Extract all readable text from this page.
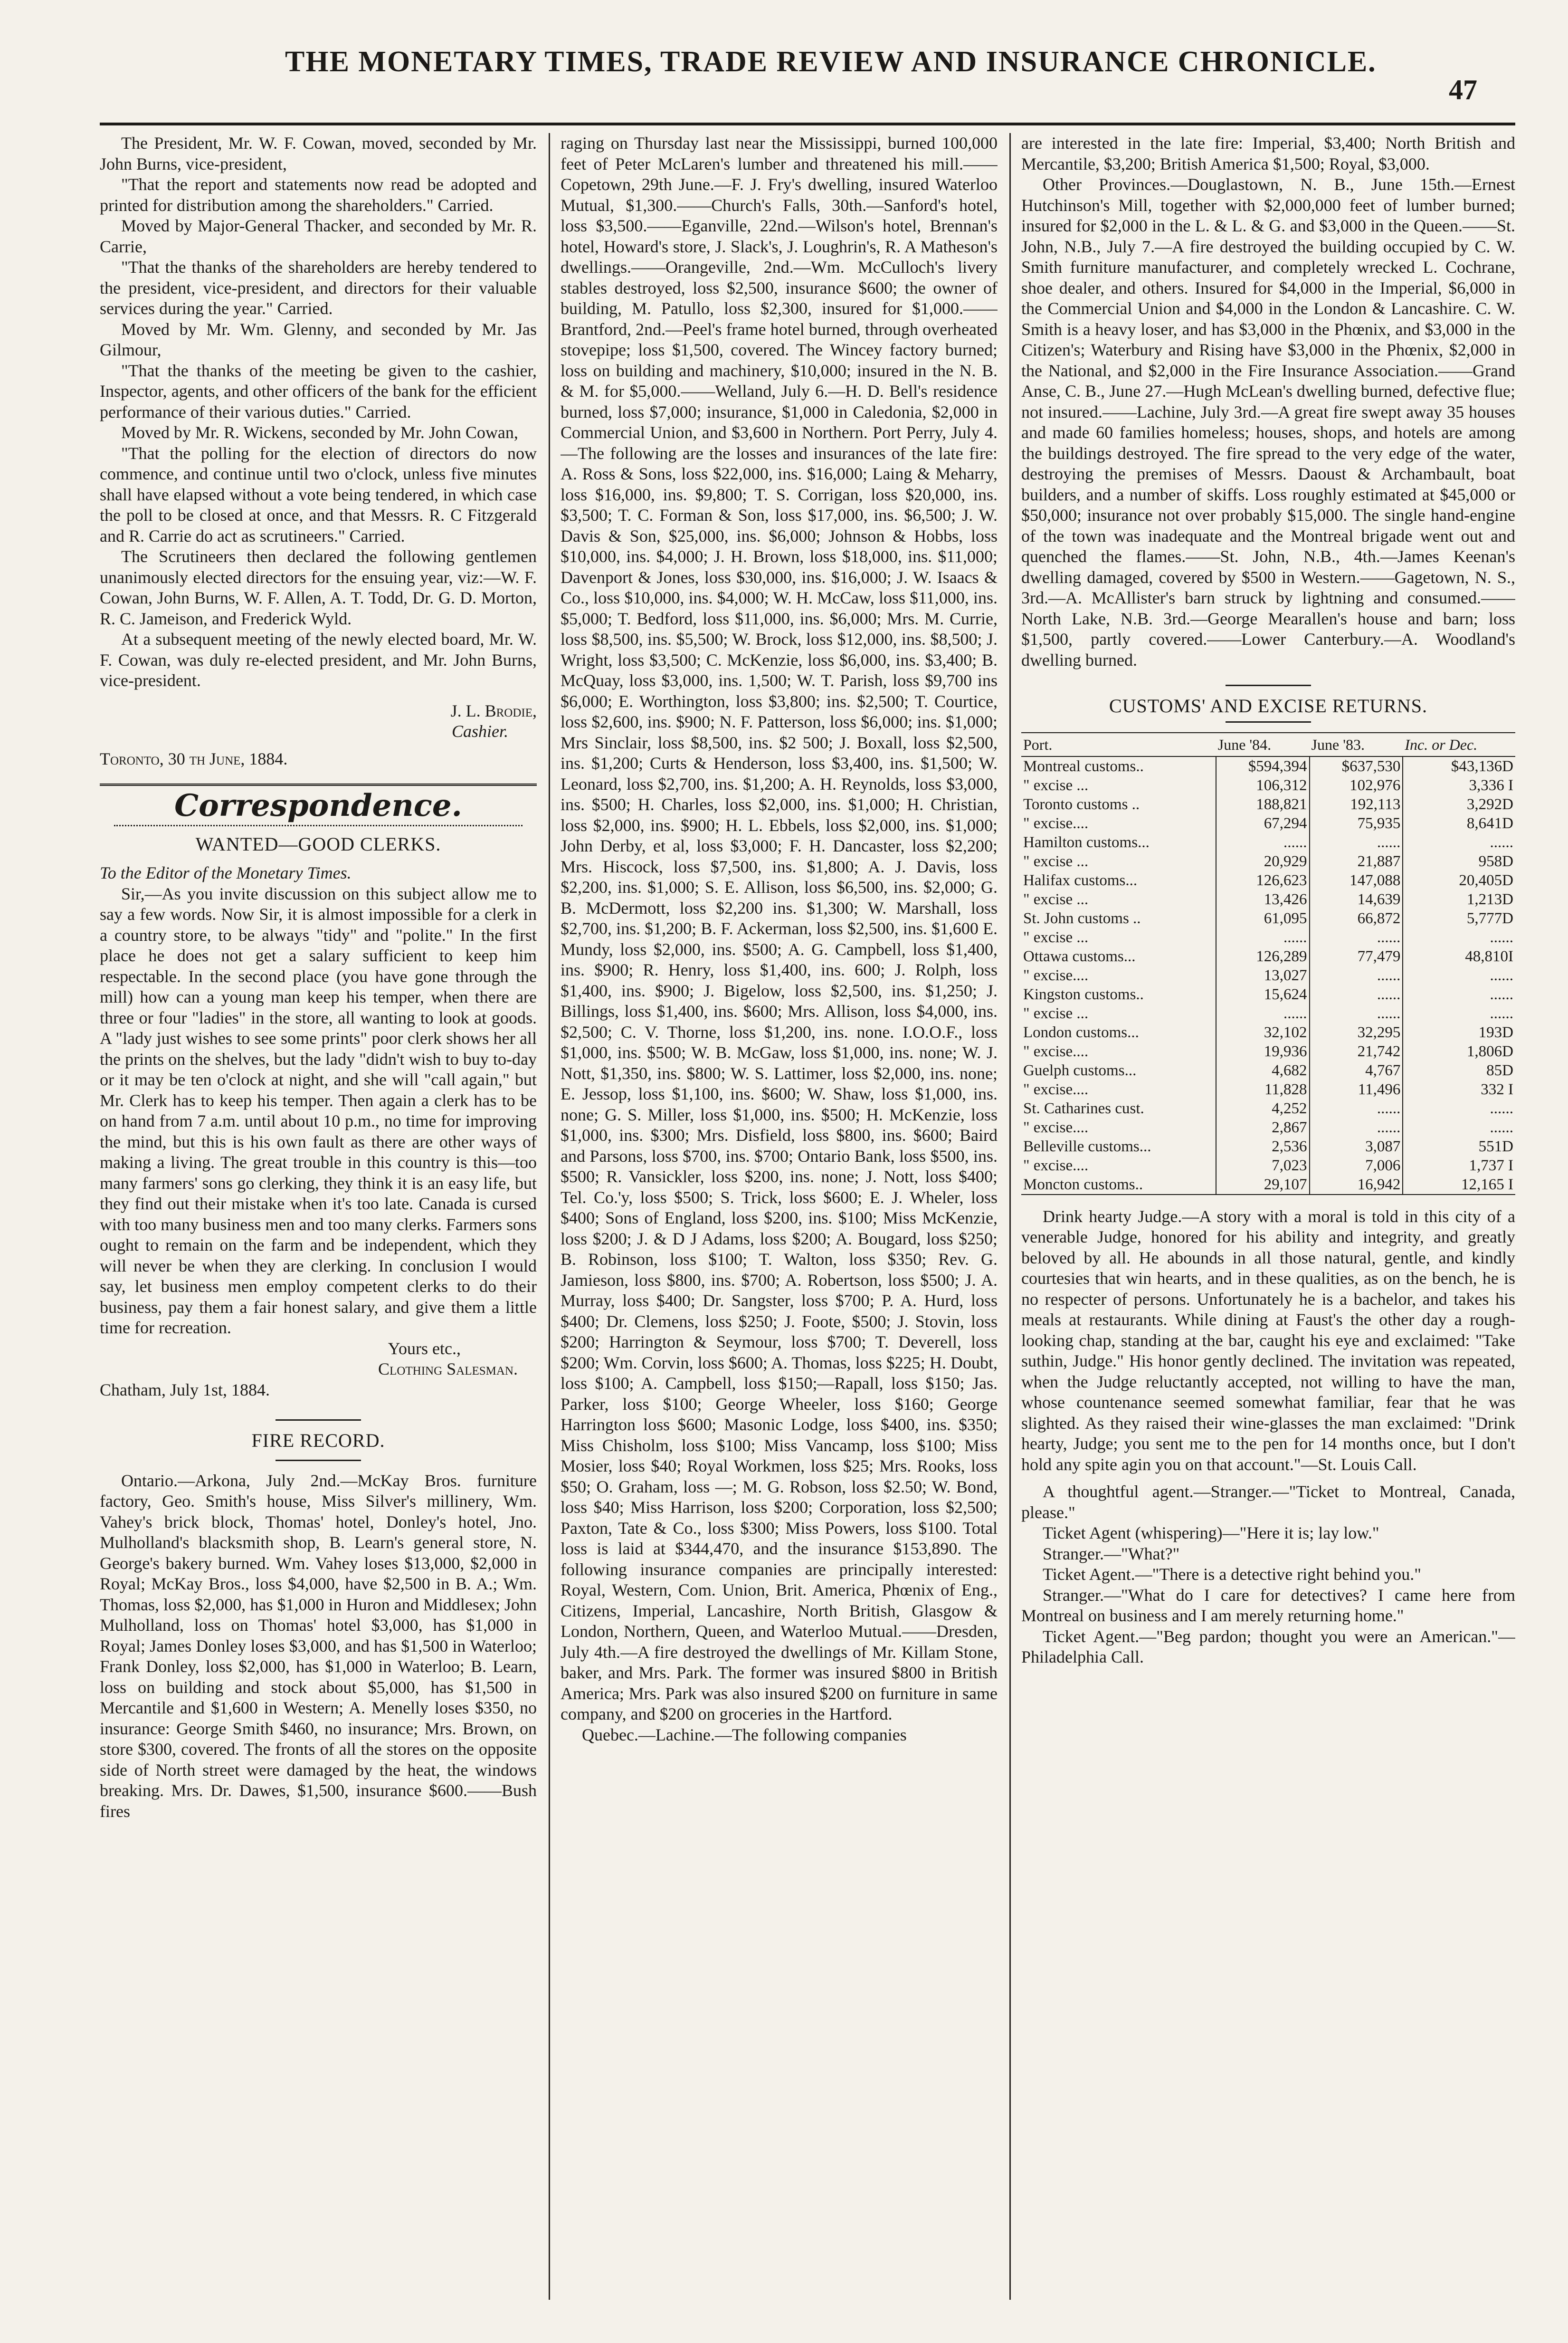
THE MONETARY TIMES, TRADE REVIEW AND INSURANCE CHRONICLE.
47

The President, Mr. W. F. Cowan, moved, seconded by Mr. John Burns, vice-president,

"That the report and statements now read be adopted and printed for distribution among the shareholders." Carried.

Moved by Major-General Thacker, and seconded by Mr. R. Carrie,

"That the thanks of the shareholders are hereby tendered to the president, vice-president, and directors for their valuable services during the year." Carried.

Moved by Mr. Wm. Glenny, and seconded by Mr. Jas Gilmour,

"That the thanks of the meeting be given to the cashier, Inspector, agents, and other officers of the bank for the efficient performance of their various duties." Carried.

Moved by Mr. R. Wickens, seconded by Mr. John Cowan,

"That the polling for the election of directors do now commence, and continue until two o'clock, unless five minutes shall have elapsed without a vote being tendered, in which case the poll to be closed at once, and that Messrs. R. C Fitzgerald and R. Carrie do act as scrutineers." Carried.

The Scrutineers then declared the following gentlemen unanimously elected directors for the ensuing year, viz:—W. F. Cowan, John Burns, W. F. Allen, A. T. Todd, Dr. G. D. Morton, R. C. Jameison, and Frederick Wyld.

At a subsequent meeting of the newly elected board, Mr. W. F. Cowan, was duly re-elected president, and Mr. John Burns, vice-president.

J. L. Brodie,
Cashier.

Toronto, 30 th June, 1884.

Correspondence.
WANTED—GOOD CLERKS.

To the Editor of the Monetary Times.

Sir,—As you invite discussion on this subject allow me to say a few words. Now Sir, it is almost impossible for a clerk in a country store, to be always "tidy" and "polite." In the first place he does not get a salary sufficient to keep him respectable. In the second place (you have gone through the mill) how can a young man keep his temper, when there are three or four "ladies" in the store, all wanting to look at goods. A "lady just wishes to see some prints" poor clerk shows her all the prints on the shelves, but the lady "didn't wish to buy to-day or it may be ten o'clock at night, and she will "call again," but Mr. Clerk has to keep his temper. Then again a clerk has to be on hand from 7 a.m. until about 10 p.m., no time for improving the mind, but this is his own fault as there are other ways of making a living. The great trouble in this country is this—too many farmers' sons go clerking, they think it is an easy life, but they find out their mistake when it's too late. Canada is cursed with too many business men and too many clerks. Farmers sons ought to remain on the farm and be independent, which they will never be when they are clerking. In conclusion I would say, let business men employ competent clerks to do their business, pay them a fair honest salary, and give them a little time for recreation.

Yours etc.,
Clothing Salesman.

Chatham, July 1st, 1884.

FIRE RECORD.

Ontario.—Arkona, July 2nd.—McKay Bros. furniture factory, Geo. Smith's house, Miss Silver's millinery, Wm. Vahey's brick block, Thomas' hotel, Donley's hotel, Jno. Mulholland's blacksmith shop, B. Learn's general store, N. George's bakery burned. Wm. Vahey loses $13,000, $2,000 in Royal; McKay Bros., loss $4,000, have $2,500 in B. A.; Wm. Thomas, loss $2,000, has $1,000 in Huron and Middlesex; John Mulholland, loss on Thomas' hotel $3,000, has $1,000 in Royal; James Donley loses $3,000, and has $1,500 in Waterloo; Frank Donley, loss $2,000, has $1,000 in Waterloo; B. Learn, loss on building and stock about $5,000, has $1,500 in Mercantile and $1,600 in Western; A. Menelly loses $350, no insurance: George Smith $460, no insurance; Mrs. Brown, on store $300, covered. The fronts of all the stores on the opposite side of North street were damaged by the heat, the windows breaking. Mrs. Dr. Dawes, $1,500, insurance $600.——Bush fires

raging on Thursday last near the Mississippi, burned 100,000 feet of Peter McLaren's lumber and threatened his mill.——Copetown, 29th June.—F. J. Fry's dwelling, insured Waterloo Mutual, $1,300.——Church's Falls, 30th.—Sanford's hotel, loss $3,500.——Eganville, 22nd.—Wilson's hotel, Brennan's hotel, Howard's store, J. Slack's, J. Loughrin's, R. A Matheson's dwellings.——Orangeville, 2nd.—Wm. McCulloch's livery stables destroyed, loss $2,500, insurance $600; the owner of building, M. Patullo, loss $2,300, insured for $1,000.——Brantford, 2nd.—Peel's frame hotel burned, through overheated stovepipe; loss $1,500, covered. The Wincey factory burned; loss on building and machinery, $10,000; insured in the N. B. & M. for $5,000.——Welland, July 6.—H. D. Bell's residence burned, loss $7,000; insurance, $1,000 in Caledonia, $2,000 in Commercial Union, and $3,600 in Northern. Port Perry, July 4.—The following are the losses and insurances of the late fire: A. Ross & Sons, loss $22,000, ins. $16,000; Laing & Meharry, loss $16,000, ins. $9,800; T. S. Corrigan, loss $20,000, ins. $3,500; T. C. Forman & Son, loss $17,000, ins. $6,500; J. W. Davis & Son, $25,000, ins. $6,000; Johnson & Hobbs, loss $10,000, ins. $4,000; J. H. Brown, loss $18,000, ins. $11,000; Davenport & Jones, loss $30,000, ins. $16,000; J. W. Isaacs & Co., loss $10,000, ins. $4,000; W. H. McCaw, loss $11,000, ins. $5,000; T. Bedford, loss $11,000, ins. $6,000; Mrs. M. Currie, loss $8,500, ins. $5,500; W. Brock, loss $12,000, ins. $8,500; J. Wright, loss $3,500; C. McKenzie, loss $6,000, ins. $3,400; B. McQuay, loss $3,000, ins. 1,500; W. T. Parish, loss $9,700 ins $6,000; E. Worthington, loss $3,800; ins. $2,500; T. Courtice, loss $2,600, ins. $900; N. F. Patterson, loss $6,000; ins. $1,000; Mrs Sinclair, loss $8,500, ins. $2 500; J. Boxall, loss $2,500, ins. $1,200; Curts & Henderson, loss $3,400, ins. $1,500; W. Leonard, loss $2,700, ins. $1,200; A. H. Reynolds, loss $3,000, ins. $500; H. Charles, loss $2,000, ins. $1,000; H. Christian, loss $2,000, ins. $900; H. L. Ebbels, loss $2,000, ins. $1,000; John Derby, et al, loss $3,000; F. H. Dancaster, loss $2,200; Mrs. Hiscock, loss $7,500, ins. $1,800; A. J. Davis, loss $2,200, ins. $1,000; S. E. Allison, loss $6,500, ins. $2,000; G. B. McDermott, loss $2,200 ins. $1,300; W. Marshall, loss $2,700, ins. $1,200; B. F. Ackerman, loss $2,500, ins. $1,600 E. Mundy, loss $2,000, ins. $500; A. G. Campbell, loss $1,400, ins. $900; R. Henry, loss $1,400, ins. 600; J. Rolph, loss $1,400, ins. $900; J. Bigelow, loss $2,500, ins. $1,250; J. Billings, loss $1,400, ins. $600; Mrs. Allison, loss $4,000, ins. $2,500; C. V. Thorne, loss $1,200, ins. none. I.O.O.F., loss $1,000, ins. $500; W. B. McGaw, loss $1,000, ins. none; W. J. Nott, $1,350, ins. $800; W. S. Lattimer, loss $2,000, ins. none; E. Jessop, loss $1,100, ins. $600; W. Shaw, loss $1,000, ins. none; G. S. Miller, loss $1,000, ins. $500; H. McKenzie, loss $1,000, ins. $300; Mrs. Disfield, loss $800, ins. $600; Baird and Parsons, loss $700, ins. $700; Ontario Bank, loss $500, ins. $500; R. Vansickler, loss $200, ins. none; J. Nott, loss $400; Tel. Co.'y, loss $500; S. Trick, loss $600; E. J. Wheler, loss $400; Sons of England, loss $200, ins. $100; Miss McKenzie, loss $200; J. & D J Adams, loss $200; A. Bougard, loss $250; B. Robinson, loss $100; T. Walton, loss $350; Rev. G. Jamieson, loss $800, ins. $700; A. Robertson, loss $500; J. A. Murray, loss $400; Dr. Sangster, loss $700; P. A. Hurd, loss $400; Dr. Clemens, loss $250; J. Foote, $500; J. Stovin, loss $200; Harrington & Seymour, loss $700; T. Deverell, loss $200; Wm. Corvin, loss $600; A. Thomas, loss $225; H. Doubt, loss $100; A. Campbell, loss $150;—Rapall, loss $150; Jas. Parker, loss $100; George Wheeler, loss $160; George Harrington loss $600; Masonic Lodge, loss $400, ins. $350; Miss Chisholm, loss $100; Miss Vancamp, loss $100; Miss Mosier, loss $40; Royal Workmen, loss $25; Mrs. Rooks, loss $50; O. Graham, loss —; M. G. Robson, loss $2.50; W. Bond, loss $40; Miss Harrison, loss $200; Corporation, loss $2,500; Paxton, Tate & Co., loss $300; Miss Powers, loss $100. Total loss is laid at $344,470, and the insurance $153,890. The following insurance companies are principally interested: Royal, Western, Com. Union, Brit. America, Phœnix of Eng., Citizens, Imperial, Lancashire, North British, Glasgow & London, Northern, Queen, and Waterloo Mutual.——Dresden, July 4th.—A fire destroyed the dwellings of Mr. Killam Stone, baker, and Mrs. Park. The former was insured $800 in British America; Mrs. Park was also insured $200 on furniture in same company, and $200 on groceries in the Hartford.

Quebec.—Lachine.—The following companies

are interested in the late fire: Imperial, $3,400; North British and Mercantile, $3,200; British America $1,500; Royal, $3,000.

Other Provinces.—Douglastown, N. B., June 15th.—Ernest Hutchinson's Mill, together with $2,000,000 feet of lumber burned; insured for $2,000 in the L. & L. & G. and $3,000 in the Queen.——St. John, N.B., July 7.—A fire destroyed the building occupied by C. W. Smith furniture manufacturer, and completely wrecked L. Cochrane, shoe dealer, and others. Insured for $4,000 in the Imperial, $6,000 in the Commercial Union and $4,000 in the London & Lancashire. C. W. Smith is a heavy loser, and has $3,000 in the Phœnix, and $3,000 in the Citizen's; Waterbury and Rising have $3,000 in the Phœnix, $2,000 in the National, and $2,000 in the Fire Insurance Association.——Grand Anse, C. B., June 27.—Hugh McLean's dwelling burned, defective flue; not insured.——Lachine, July 3rd.—A great fire swept away 35 houses and made 60 families homeless; houses, shops, and hotels are among the buildings destroyed. The fire spread to the very edge of the water, destroying the premises of Messrs. Daoust & Archambault, boat builders, and a number of skiffs. Loss roughly estimated at $45,000 or $50,000; insurance not over probably $15,000. The single hand-engine of the town was inadequate and the Montreal brigade went out and quenched the flames.——St. John, N.B., 4th.—James Keenan's dwelling damaged, covered by $500 in Western.——Gagetown, N. S., 3rd.—A. McAllister's barn struck by lightning and consumed.——North Lake, N.B. 3rd.—George Mearallen's house and barn; loss $1,500, partly covered.——Lower Canterbury.—A. Woodland's dwelling burned.

CUSTOMS' AND EXCISE RETURNS.
Port.	June '84.	June '83.	Inc. or Dec.
Montreal customs..	$594,394	$637,530	$43,136D
" excise ...	106,312	102,976	3,336 I
Toronto customs ..	188,821	192,113	3,292D
" excise....	67,294	75,935	8,641D
Hamilton customs...	......	......	......
" excise ...	20,929	21,887	958D
Halifax customs...	126,623	147,088	20,405D
" excise ...	13,426	14,639	1,213D
St. John customs ..	61,095	66,872	5,777D
" excise ...	......	......	......
Ottawa customs...	126,289	77,479	48,810I
" excise....	13,027	......	......
Kingston customs..	15,624	......	......
" excise ...	......	......	......
London customs...	32,102	32,295	193D
" excise....	19,936	21,742	1,806D
Guelph customs...	4,682	4,767	85D
" excise....	11,828	11,496	332 I
St. Catharines cust.	4,252	......	......
" excise....	2,867	......	......
Belleville customs...	2,536	3,087	551D
" excise....	7,023	7,006	1,737 I
Moncton customs..	29,107	16,942	12,165 I

Drink hearty Judge.—A story with a moral is told in this city of a venerable Judge, honored for his ability and integrity, and greatly beloved by all. He abounds in all those natural, gentle, and kindly courtesies that win hearts, and in these qualities, as on the bench, he is no respecter of persons. Unfortunately he is a bachelor, and takes his meals at restaurants. While dining at Faust's the other day a rough-looking chap, standing at the bar, caught his eye and exclaimed: "Take suthin, Judge." His honor gently declined. The invitation was repeated, when the Judge reluctantly accepted, not willing to have the man, whose countenance seemed somewhat familiar, fear that he was slighted. As they raised their wine-glasses the man exclaimed: "Drink hearty, Judge; you sent me to the pen for 14 months once, but I don't hold any spite agin you on that account."—St. Louis Call.

A thoughtful agent.—Stranger.—"Ticket to Montreal, Canada, please."

Ticket Agent (whispering)—"Here it is; lay low."

Stranger.—"What?"

Ticket Agent.—"There is a detective right behind you."

Stranger.—"What do I care for detectives? I came here from Montreal on business and I am merely returning home."

Ticket Agent.—"Beg pardon; thought you were an American."—Philadelphia Call.
